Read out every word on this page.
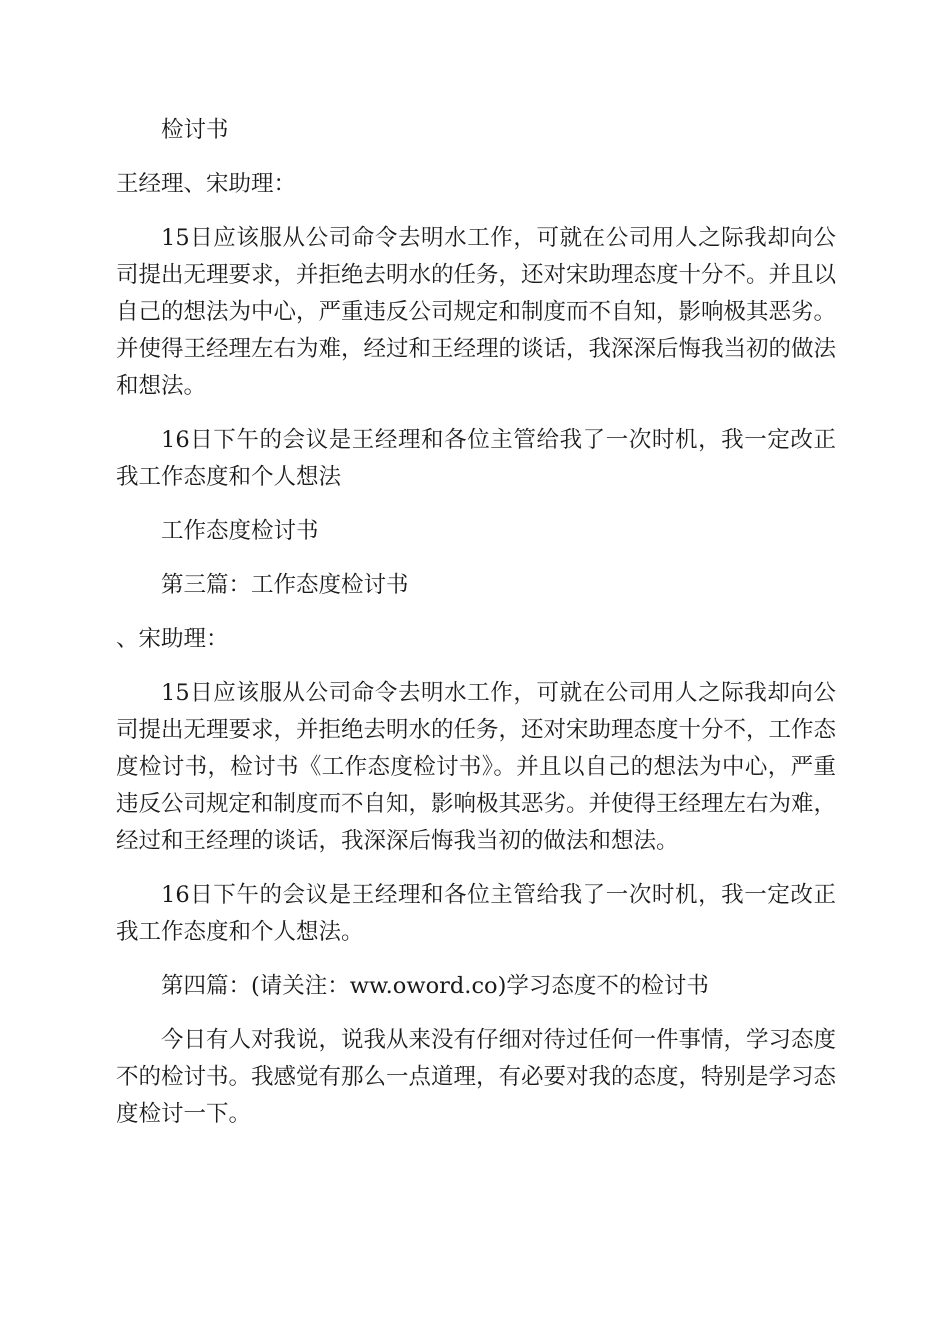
检讨书

王经理、宋助理：

15日应该服从公司命令去明水工作，可就在公司用人之际我却向公司提出无理要求，并拒绝去明水的任务，还对宋助理态度十分不。并且以自己的想法为中心，严重违反公司规定和制度而不自知，影响极其恶劣。并使得王经理左右为难，经过和王经理的谈话，我深深后悔我当初的做法和想法。

16日下午的会议是王经理和各位主管给我了一次时机，我一定改正我工作态度和个人想法

工作态度检讨书

第三篇：工作态度检讨书

、宋助理：

15日应该服从公司命令去明水工作，可就在公司用人之际我却向公司提出无理要求，并拒绝去明水的任务，还对宋助理态度十分不，工作态度检讨书，检讨书《工作态度检讨书》。并且以自己的想法为中心，严重违反公司规定和制度而不自知，影响极其恶劣。并使得王经理左右为难，经过和王经理的谈话，我深深后悔我当初的做法和想法。

16日下午的会议是王经理和各位主管给我了一次时机，我一定改正我工作态度和个人想法。

第四篇：(请关注：ww.oword.co)学习态度不的检讨书

今日有人对我说，说我从来没有仔细对待过任何一件事情，学习态度不的检讨书。我感觉有那么一点道理，有必要对我的态度，特别是学习态度检讨一下。
